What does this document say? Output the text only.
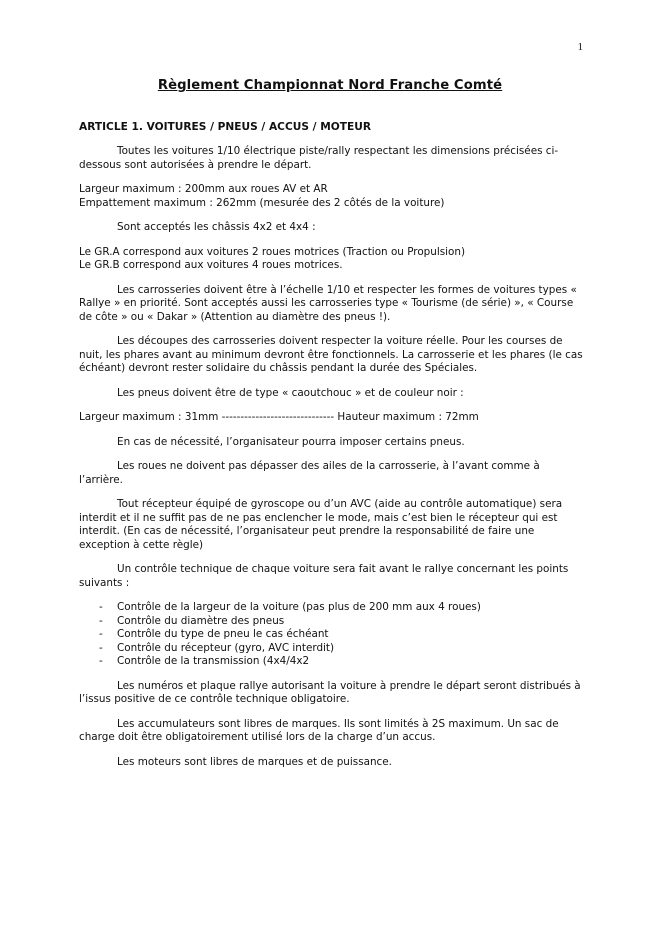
1
Règlement Championnat Nord Franche Comté
ARTICLE 1. VOITURES / PNEUS / ACCUS / MOTEUR

Toutes les voitures 1/10 électrique piste/rally respectant les dimensions précisées ci-dessous sont autorisées à prendre le départ.

Largeur maximum : 200mm aux roues AV et AR

Empattement maximum : 262mm (mesurée des 2 côtés de la voiture)

Sont acceptés les châssis 4x2 et 4x4 :

Le GR.A correspond aux voitures 2 roues motrices (Traction ou Propulsion)

Le GR.B correspond aux voitures 4 roues motrices.

Les carrosseries doivent être à l’échelle 1/10 et respecter les formes de voitures types « Rallye » en priorité. Sont acceptés aussi les carrosseries type « Tourisme (de série) », « Course de côte » ou « Dakar » (Attention au diamètre des pneus !).

Les découpes des carrosseries doivent respecter la voiture réelle. Pour les courses de nuit, les phares avant au minimum devront être fonctionnels. La carrosserie et les phares (le cas échéant) devront rester solidaire du châssis pendant la durée des Spéciales.

Les pneus doivent être de type « caoutchouc » et de couleur noir :

Largeur maximum : 31mm ------------------------------ Hauteur maximum : 72mm

En cas de nécessité, l’organisateur pourra imposer certains pneus.

Les roues ne doivent pas dépasser des ailes de la carrosserie, à l’avant comme à l’arrière.

Tout récepteur équipé de gyroscope ou d’un AVC (aide au contrôle automatique) sera interdit et il ne suffit pas de ne pas enclencher le mode, mais c’est bien le récepteur qui est interdit. (En cas de nécessité, l’organisateur peut prendre la responsabilité de faire une exception à cette règle)

Un contrôle technique de chaque voiture sera fait avant le rallye concernant les points suivants :

- Contrôle de la largeur de la voiture (pas plus de 200 mm aux 4 roues)
- Contrôle du diamètre des pneus
- Contrôle du type de pneu le cas échéant
- Contrôle du récepteur (gyro, AVC interdit)
- Contrôle de la transmission (4x4/4x2

Les numéros et plaque rallye autorisant la voiture à prendre le départ seront distribués à l’issus positive de ce contrôle technique obligatoire.

Les accumulateurs sont libres de marques. Ils sont limités à 2S maximum. Un sac de charge doit être obligatoirement utilisé lors de la charge d’un accus.

Les moteurs sont libres de marques et de puissance.
